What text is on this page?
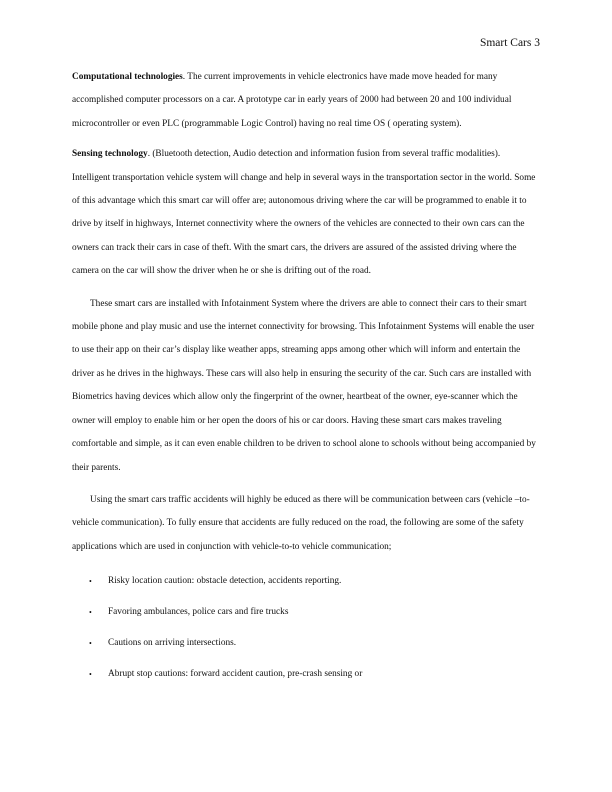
Smart Cars 3

Computational technologies. The current improvements in vehicle electronics have made move headed for many accomplished computer processors on a car. A prototype car in early years of 2000 had between 20 and 100 individual microcontroller or even PLC (programmable Logic Control) having no real time OS ( operating system).

Sensing technology. (Bluetooth detection, Audio detection and information fusion from several traffic modalities). Intelligent transportation vehicle system will change and help in several ways in the transportation sector in the world. Some of this advantage which this smart car will offer are; autonomous driving where the car will be programmed to enable it to drive by itself in highways, Internet connectivity where the owners of the vehicles are connected to their own cars can the owners can track their cars in case of theft. With the smart cars, the drivers are assured of the assisted driving where the camera on the car will show the driver when he or she is drifting out of the road.

These smart cars are installed with Infotainment System where the drivers are able to connect their cars to their smart mobile phone and play music and use the internet connectivity for browsing. This Infotainment Systems will enable the user to use their app on their car’s display like weather apps, streaming apps among other which will inform and entertain the driver as he drives in the highways. These cars will also help in ensuring the security of the car. Such cars are installed with Biometrics having devices which allow only the fingerprint of the owner, heartbeat of the owner, eye-scanner which the owner will employ to enable him or her open the doors of his or car doors. Having these smart cars makes traveling comfortable and simple, as it can even enable children to be driven to school alone to schools without being accompanied by their parents.

Using the smart cars traffic accidents will highly be educed as there will be communication between cars (vehicle –to- vehicle communication). To fully ensure that accidents are fully reduced on the road, the following are some of the safety applications which are used in conjunction with vehicle-to-to vehicle communication;

• Risky location caution: obstacle detection, accidents reporting.
• Favoring ambulances, police cars and fire trucks
• Cautions on arriving intersections.
• Abrupt stop cautions: forward accident caution, pre-crash sensing or
